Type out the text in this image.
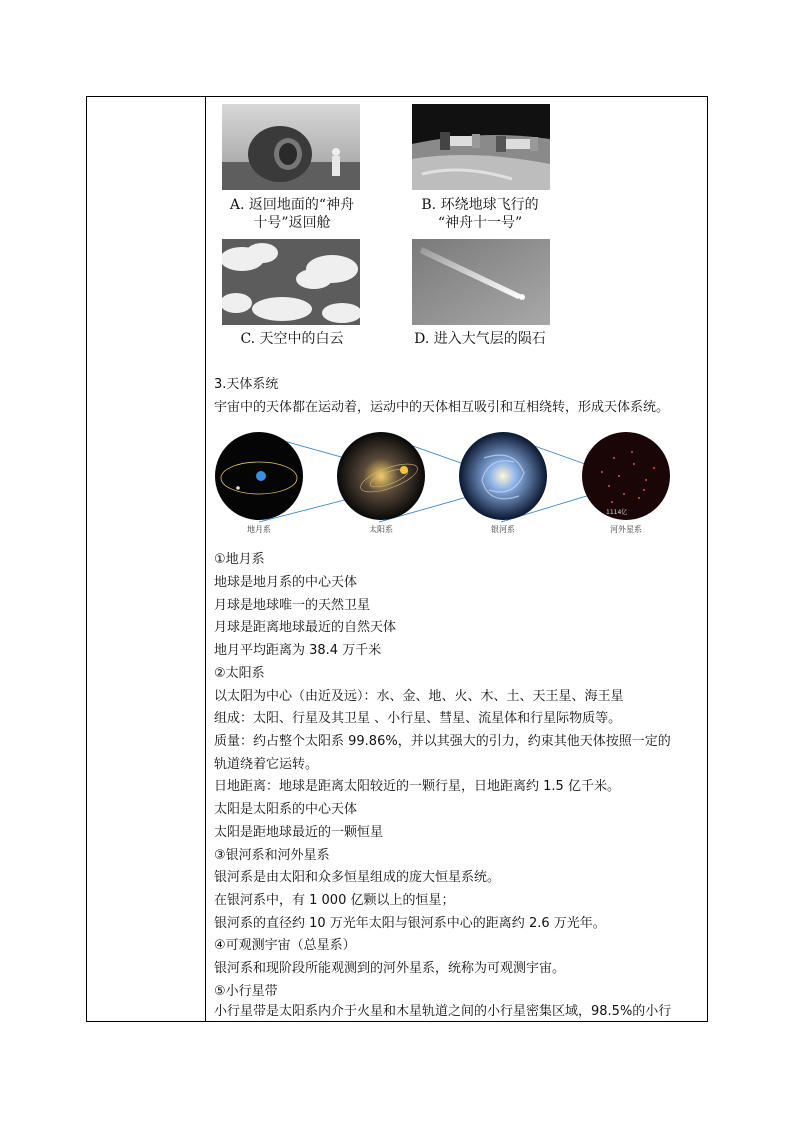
A. 返回地面的“神舟
十号”返回舱
B. 环绕地球飞行的
“神舟十一号”
C. 天空中的白云	D. 进入大气层的陨石
3.天体系统
宇宙中的天体都在运动着，运动中的天体相互吸引和互相绕转，形成天体系统。
1114亿
地月系	太阳系	银河系	河外星系
①地月系
地球是地月系的中心天体
月球是地球唯一的天然卫星
月球是距离地球最近的自然天体
地月平均距离为 38.4 万千米
②太阳系
以太阳为中心（由近及远）：水、金、地、火、木、土、天王星、海王星
组成：太阳、行星及其卫星 、小行星、彗星、流星体和行星际物质等。
质量：约占整个太阳系 99.86%，并以其强大的引力，约束其他天体按照一定的
轨道绕着它运转。
日地距离：地球是距离太阳较近的一颗行星，日地距离约 1.5 亿千米。
太阳是太阳系的中心天体
太阳是距地球最近的一颗恒星
③银河系和河外星系
银河系是由太阳和众多恒星组成的庞大恒星系统。
在银河系中，有 1 000 亿颗以上的恒星；
银河系的直径约 10 万光年太阳与银河系中心的距离约 2.6 万光年。
④可观测宇宙（总星系）
银河系和现阶段所能观测到的河外星系，统称为可观测宇宙。
⑤小行星带
小行星带是太阳系内介于火星和木星轨道之间的小行星密集区域，98.5%的小行
